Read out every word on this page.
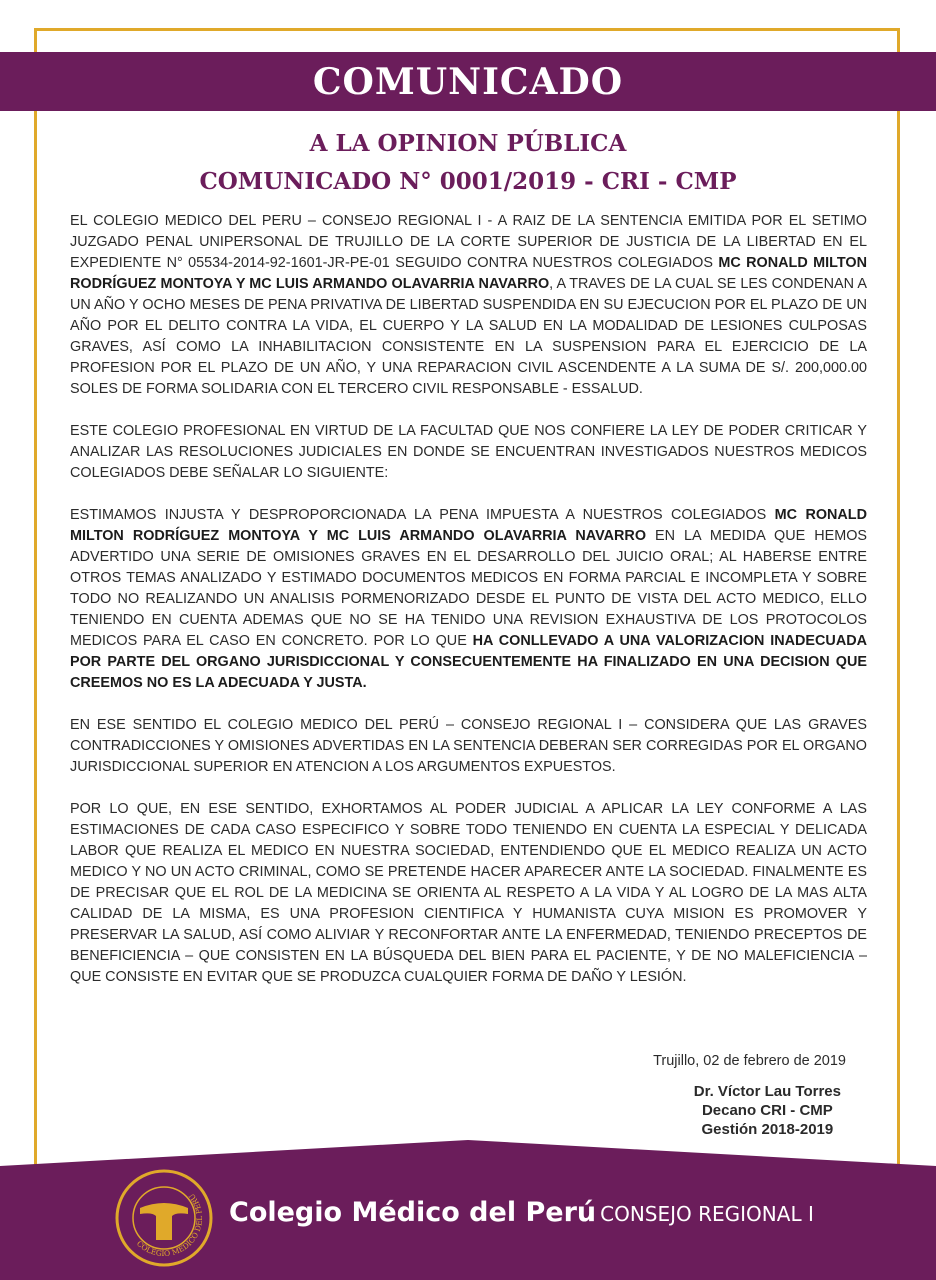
COMUNICADO
A LA OPINION PÚBLICA
COMUNICADO N° 0001/2019 - CRI - CMP

EL COLEGIO MEDICO DEL PERU – CONSEJO REGIONAL I - A RAIZ DE LA SENTENCIA EMITIDA POR EL SETIMO JUZGADO PENAL UNIPERSONAL DE TRUJILLO DE LA CORTE SUPERIOR DE JUSTICIA DE LA LIBERTAD EN EL EXPEDIENTE N° 05534-2014-92-1601-JR-PE-01 SEGUIDO CONTRA NUESTROS COLEGIADOS MC RONALD MILTON RODRÍGUEZ MONTOYA Y MC LUIS ARMANDO OLAVARRIA NAVARRO, A TRAVES DE LA CUAL SE LES CONDENAN A UN AÑO Y OCHO MESES DE PENA PRIVATIVA DE LIBERTAD SUSPENDIDA EN SU EJECUCION POR EL PLAZO DE UN AÑO POR EL DELITO CONTRA LA VIDA, EL CUERPO Y LA SALUD EN LA MODALIDAD DE LESIONES CULPOSAS GRAVES, ASÍ COMO LA INHABILITACION CONSISTENTE EN LA SUSPENSION PARA EL EJERCICIO DE LA PROFESION POR EL PLAZO DE UN AÑO, Y UNA REPARACION CIVIL ASCENDENTE A LA SUMA DE S/. 200,000.00 SOLES DE FORMA SOLIDARIA CON EL TERCERO CIVIL RESPONSABLE - ESSALUD.

ESTE COLEGIO PROFESIONAL EN VIRTUD DE LA FACULTAD QUE NOS CONFIERE LA LEY DE PODER CRITICAR Y ANALIZAR LAS RESOLUCIONES JUDICIALES EN DONDE SE ENCUENTRAN INVESTIGADOS NUESTROS MEDICOS COLEGIADOS DEBE SEÑALAR LO SIGUIENTE:

ESTIMAMOS INJUSTA Y DESPROPORCIONADA LA PENA IMPUESTA A NUESTROS COLEGIADOS MC RONALD MILTON RODRÍGUEZ MONTOYA Y MC LUIS ARMANDO OLAVARRIA NAVARRO EN LA MEDIDA QUE HEMOS ADVERTIDO UNA SERIE DE OMISIONES GRAVES EN EL DESARROLLO DEL JUICIO ORAL; AL HABERSE ENTRE OTROS TEMAS ANALIZADO Y ESTIMADO DOCUMENTOS MEDICOS EN FORMA PARCIAL E INCOMPLETA Y SOBRE TODO NO REALIZANDO UN ANALISIS PORMENORIZADO DESDE EL PUNTO DE VISTA DEL ACTO MEDICO, ELLO TENIENDO EN CUENTA ADEMAS QUE NO SE HA TENIDO UNA REVISION EXHAUSTIVA DE LOS PROTOCOLOS MEDICOS PARA EL CASO EN CONCRETO. POR LO QUE HA CONLLEVADO A UNA VALORIZACION INADECUADA POR PARTE DEL ORGANO JURISDICCIONAL Y CONSECUENTEMENTE HA FINALIZADO EN UNA DECISION QUE CREEMOS NO ES LA ADECUADA Y JUSTA.

EN ESE SENTIDO EL COLEGIO MEDICO DEL PERÚ – CONSEJO REGIONAL I – CONSIDERA QUE LAS GRAVES CONTRADICCIONES Y OMISIONES ADVERTIDAS EN LA SENTENCIA DEBERAN SER CORREGIDAS POR EL ORGANO JURISDICCIONAL SUPERIOR EN ATENCION A LOS ARGUMENTOS EXPUESTOS.

POR LO QUE, EN ESE SENTIDO, EXHORTAMOS AL PODER JUDICIAL A APLICAR LA LEY CONFORME A LAS ESTIMACIONES DE CADA CASO ESPECIFICO Y SOBRE TODO TENIENDO EN CUENTA LA ESPECIAL Y DELICADA LABOR QUE REALIZA EL MEDICO EN NUESTRA SOCIEDAD, ENTENDIENDO QUE EL MEDICO REALIZA UN ACTO MEDICO Y NO UN ACTO CRIMINAL, COMO SE PRETENDE HACER APARECER ANTE LA SOCIEDAD. FINALMENTE ES DE PRECISAR QUE EL ROL DE LA MEDICINA SE ORIENTA AL RESPETO A LA VIDA Y AL LOGRO DE LA MAS ALTA CALIDAD DE LA MISMA, ES UNA PROFESION CIENTIFICA Y HUMANISTA CUYA MISION ES PROMOVER Y PRESERVAR LA SALUD, ASÍ COMO ALIVIAR Y RECONFORTAR ANTE LA ENFERMEDAD, TENIENDO PRECEPTOS DE BENEFICIENCIA – QUE CONSISTEN EN LA BÚSQUEDA DEL BIEN PARA EL PACIENTE, Y DE NO MALEFICIENCIA – QUE CONSISTE EN EVITAR QUE SE PRODUZCA CUALQUIER FORMA DE DAÑO Y LESIÓN.

Trujillo, 02 de febrero de 2019
Dr. Víctor Lau Torres
Decano CRI - CMP
Gestión 2018-2019
COLEGIO MEDICO DEL PERU Colegio Médico del Perú CONSEJO REGIONAL I
